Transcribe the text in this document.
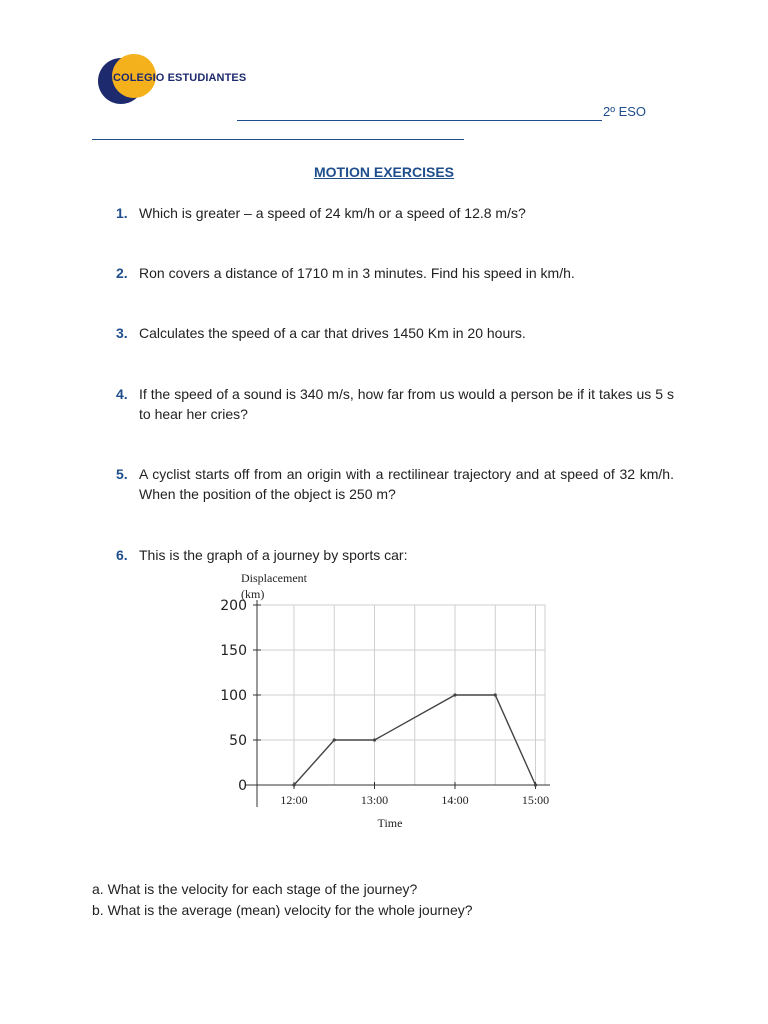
COLEGIO ESTUDIANTES
2º ESO
MOTION EXERCISES
1. Which is greater – a speed of 24 km/h or a speed of 12.8 m/s?
2. Ron covers a distance of 1710 m in 3 minutes. Find his speed in km/h.
3. Calculates the speed of a car that drives 1450 Km in 20 hours.
4. If the speed of a sound is 340 m/s, how far from us would a person be if it takes us 5 s to hear her cries?
5. A cyclist starts off from an origin with a rectilinear trajectory and at speed of 32 km/h. When the position of the object is 250 m?
6. This is the graph of a journey by sports car:
0
50
100
150
200
12:00	13:00	14:00	15:00
Displacement
(km)
Time
a. What is the velocity for each stage of the journey?
b. What is the average (mean) velocity for the whole journey?
